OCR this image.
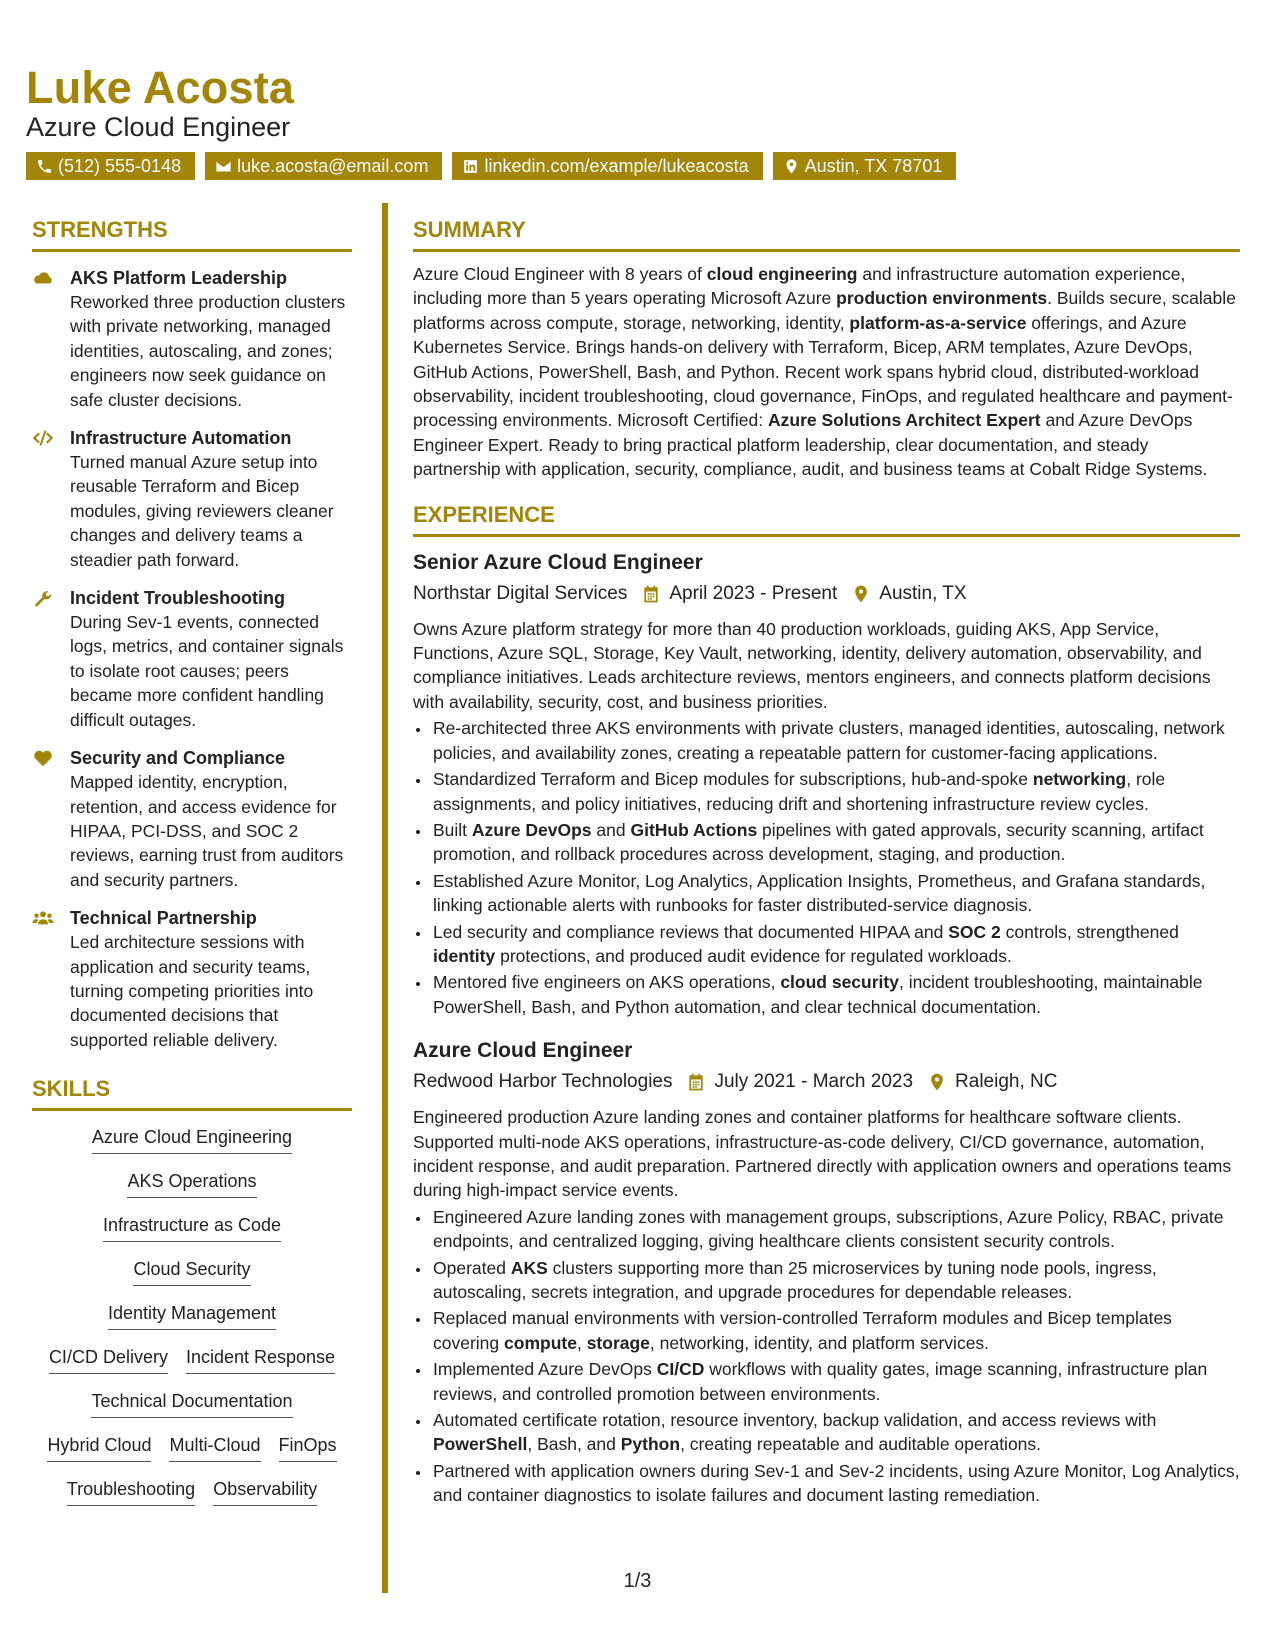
Luke Acosta
Azure Cloud Engineer
(512) 555-0148	luke.acosta@email.com	linkedin.com/example/lukeacosta	Austin, TX 78701
STRENGTHS
AKS Platform Leadership
Reworked three production clusters with private networking, managed identities, autoscaling, and zones; engineers now seek guidance on safe cluster decisions.
Infrastructure Automation
Turned manual Azure setup into reusable Terraform and Bicep modules, giving reviewers cleaner changes and delivery teams a steadier path forward.
Incident Troubleshooting
During Sev-1 events, connected logs, metrics, and container signals to isolate root causes; peers became more confident handling difficult outages.
Security and Compliance
Mapped identity, encryption, retention, and access evidence for HIPAA, PCI-DSS, and SOC 2 reviews, earning trust from auditors and security partners.
Technical Partnership
Led architecture sessions with application and security teams, turning competing priorities into documented decisions that supported reliable delivery.
SKILLS
Azure Cloud Engineering
AKS Operations
Infrastructure as Code
Cloud Security
Identity Management
CI/CD Delivery Incident Response
Technical Documentation
Hybrid Cloud Multi-Cloud FinOps
Troubleshooting Observability
SUMMARY
Azure Cloud Engineer with 8 years of cloud engineering and infrastructure automation experience, including more than 5 years operating Microsoft Azure production environments. Builds secure, scalable platforms across compute, storage, networking, identity, platform-as-a-service offerings, and Azure Kubernetes Service. Brings hands-on delivery with Terraform, Bicep, ARM templates, Azure DevOps, GitHub Actions, PowerShell, Bash, and Python. Recent work spans hybrid cloud, distributed-workload observability, incident troubleshooting, cloud governance, FinOps, and regulated healthcare and payment-processing environments. Microsoft Certified: Azure Solutions Architect Expert and Azure DevOps Engineer Expert. Ready to bring practical platform leadership, clear documentation, and steady partnership with application, security, compliance, audit, and business teams at Cobalt Ridge Systems.
EXPERIENCE
Senior Azure Cloud Engineer
Northstar Digital Services April 2023 - Present Austin, TX
Owns Azure platform strategy for more than 40 production workloads, guiding AKS, App Service, Functions, Azure SQL, Storage, Key Vault, networking, identity, delivery automation, observability, and compliance initiatives. Leads architecture reviews, mentors engineers, and connects platform decisions with availability, security, cost, and business priorities.
• Re-architected three AKS environments with private clusters, managed identities, autoscaling, network policies, and availability zones, creating a repeatable pattern for customer-facing applications.
• Standardized Terraform and Bicep modules for subscriptions, hub-and-spoke networking, role assignments, and policy initiatives, reducing drift and shortening infrastructure review cycles.
• Built Azure DevOps and GitHub Actions pipelines with gated approvals, security scanning, artifact promotion, and rollback procedures across development, staging, and production.
• Established Azure Monitor, Log Analytics, Application Insights, Prometheus, and Grafana standards, linking actionable alerts with runbooks for faster distributed-service diagnosis.
• Led security and compliance reviews that documented HIPAA and SOC 2 controls, strengthened identity protections, and produced audit evidence for regulated workloads.
• Mentored five engineers on AKS operations, cloud security, incident troubleshooting, maintainable PowerShell, Bash, and Python automation, and clear technical documentation.
Azure Cloud Engineer
Redwood Harbor Technologies July 2021 - March 2023 Raleigh, NC
Engineered production Azure landing zones and container platforms for healthcare software clients. Supported multi-node AKS operations, infrastructure-as-code delivery, CI/CD governance, automation, incident response, and audit preparation. Partnered directly with application owners and operations teams during high-impact service events.
• Engineered Azure landing zones with management groups, subscriptions, Azure Policy, RBAC, private endpoints, and centralized logging, giving healthcare clients consistent security controls.
• Operated AKS clusters supporting more than 25 microservices by tuning node pools, ingress, autoscaling, secrets integration, and upgrade procedures for dependable releases.
• Replaced manual environments with version-controlled Terraform modules and Bicep templates covering compute, storage, networking, identity, and platform services.
• Implemented Azure DevOps CI/CD workflows with quality gates, image scanning, infrastructure plan reviews, and controlled promotion between environments.
• Automated certificate rotation, resource inventory, backup validation, and access reviews with PowerShell, Bash, and Python, creating repeatable and auditable operations.
• Partnered with application owners during Sev-1 and Sev-2 incidents, using Azure Monitor, Log Analytics, and container diagnostics to isolate failures and document lasting remediation.
1/3
